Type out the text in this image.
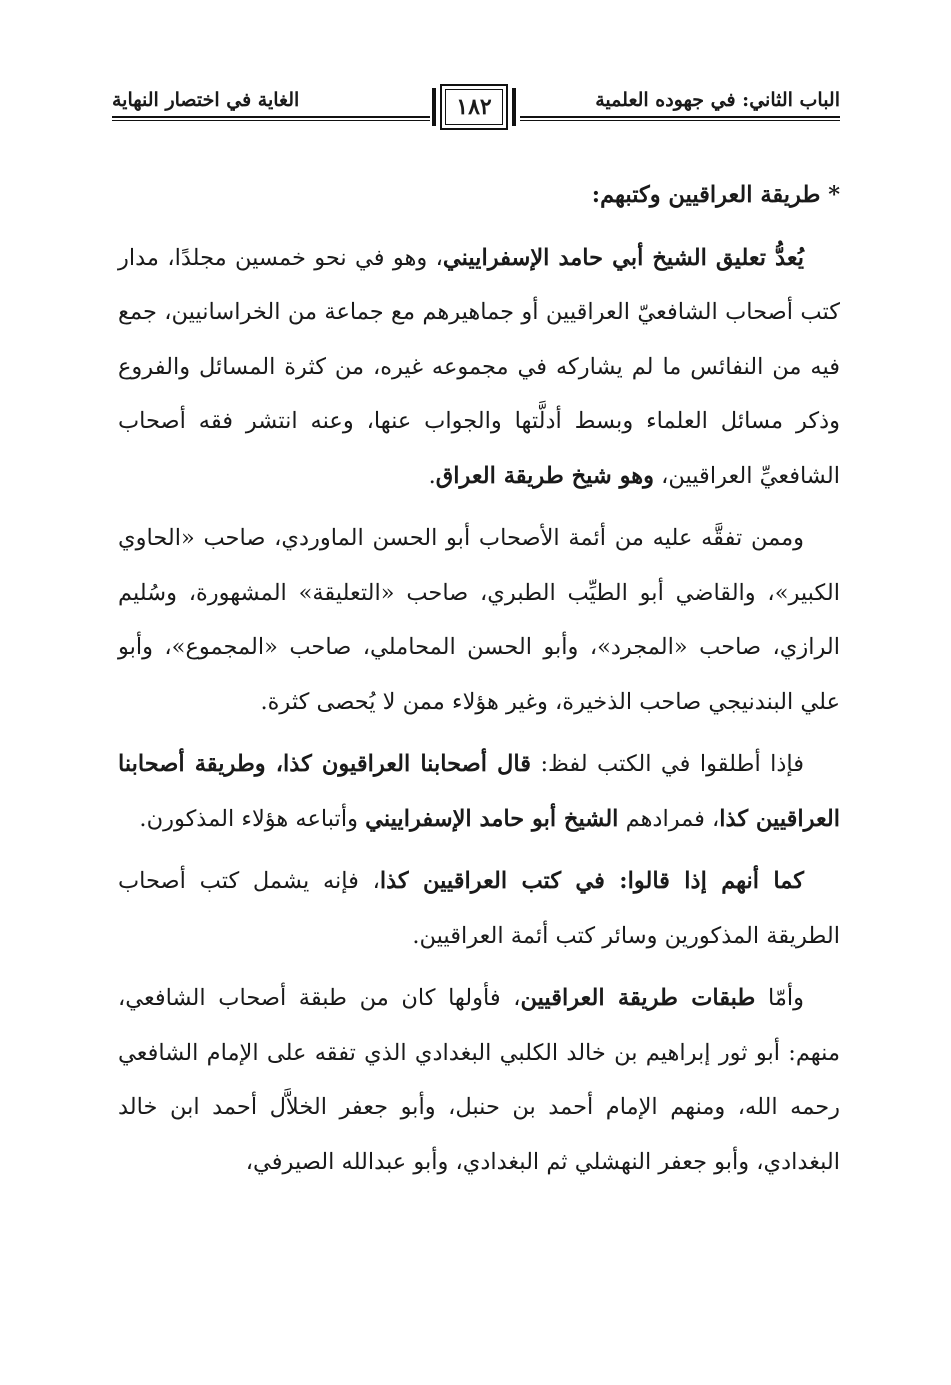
الباب الثاني: في جهوده العلمية
الغاية في اختصار النهاية	١٨٢

* طريقة العراقيين وكتبهم:

يُعدُّ تعليق الشيخ أبي حامد الإسفراييني، وهو في نحو خمسين مجلدًا، مدار كتب أصحاب الشافعيّ العراقيين أو جماهيرهم مع جماعة من الخراسانيين، جمع فيه من النفائس ما لم يشاركه في مجموعه غيره، من كثرة المسائل والفروع وذكر مسائل العلماء وبسط أدلَّتها والجواب عنها، وعنه انتشر فقه أصحاب الشافعيِّ العراقيين، وهو شيخ طريقة العراق.

وممن تفقَّه عليه من أئمة الأصحاب أبو الحسن الماوردي، صاحب «الحاوي الكبير»، والقاضي أبو الطيِّب الطبري، صاحب «التعليقة» المشهورة، وسُليم الرازي، صاحب «المجرد»، وأبو الحسن المحاملي، صاحب «المجموع»، وأبو علي البندنيجي صاحب الذخيرة، وغير هؤلاء ممن لا يُحصى كثرة.

فإذا أطلقوا في الكتب لفظ: قال أصحابنا العراقيون كذا، وطريقة أصحابنا العراقيين كذا، فمرادهم الشيخ أبو حامد الإسفراييني وأتباعه هؤلاء المذكورن.

كما أنهم إذا قالوا: في كتب العراقيين كذا، فإنه يشمل كتب أصحاب الطريقة المذكورين وسائر كتب أئمة العراقيين.

وأمّا طبقات طريقة العراقيين، فأولها كان من طبقة أصحاب الشافعي، منهم: أبو ثور إبراهيم بن خالد الكلبي البغدادي الذي تفقه على الإمام الشافعي رحمه الله، ومنهم الإمام أحمد بن حنبل، وأبو جعفر الخلاَّل أحمد ابن خالد البغدادي، وأبو جعفر النهشلي ثم البغدادي، وأبو عبدالله الصيرفي،
